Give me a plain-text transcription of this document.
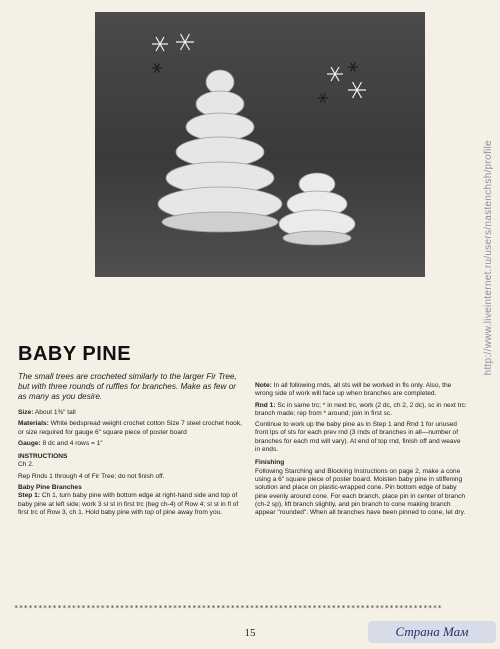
BABY PINE

The small trees are crocheted similarly to the larger Fir Tree, but with three rounds of ruffles for branches. Make as few or as many as you desire.

Size: About 1⅜" tall

Materials: White bedspread weight crochet cotton Size 7 steel crochet hook, or size required for gauge 6" square piece of poster board

Gauge: 8 dc and 4 rows = 1"

INSTRUCTIONS

Ch 2.

Rep Rnds 1 through 4 of Fir Tree; do not finish off.

Baby Pine Branches

Step 1: Ch 1, turn baby pine with bottom edge at right-hand side and top of baby pine at left side; work 3 sl st in first trc (beg ch-4) of Row 4; sl st in fl of first trc of Row 3, ch 1. Hold baby pine with top of pine away from you.

Note: In all following rnds, all sts will be worked in fls only. Also, the wrong side of work will face up when branches are completed.

Rnd 1: Sc in same trc; * in next trc, work (2 dc, ch 2, 2 dc), sc in next trc: branch made; rep from * around; join in first sc.

Continue to work up the baby pine as in Step 1 and Rnd 1 for unused front lps of sts for each prev rnd (3 rnds of branches in all—number of branches for each rnd will vary). At end of top rnd, finish off and weave in ends.

Finishing

Following Starching and Blocking Instructions on page 2, make a cone using a 6" square piece of poster board. Moisten baby pine in stiffening solution and place on plastic-wrapped cone. Pin bottom edge of baby pine evenly around cone. For each branch, place pin in center of branch (ch-2 sp), lift branch slightly, and pin branch to cone making branch appear "rounded". When all branches have been pinned to cone, let dry.

*****************************************************************************************
15
http://www.liveinternet.ru/users/nastenchsh/profile
Страна Мам
